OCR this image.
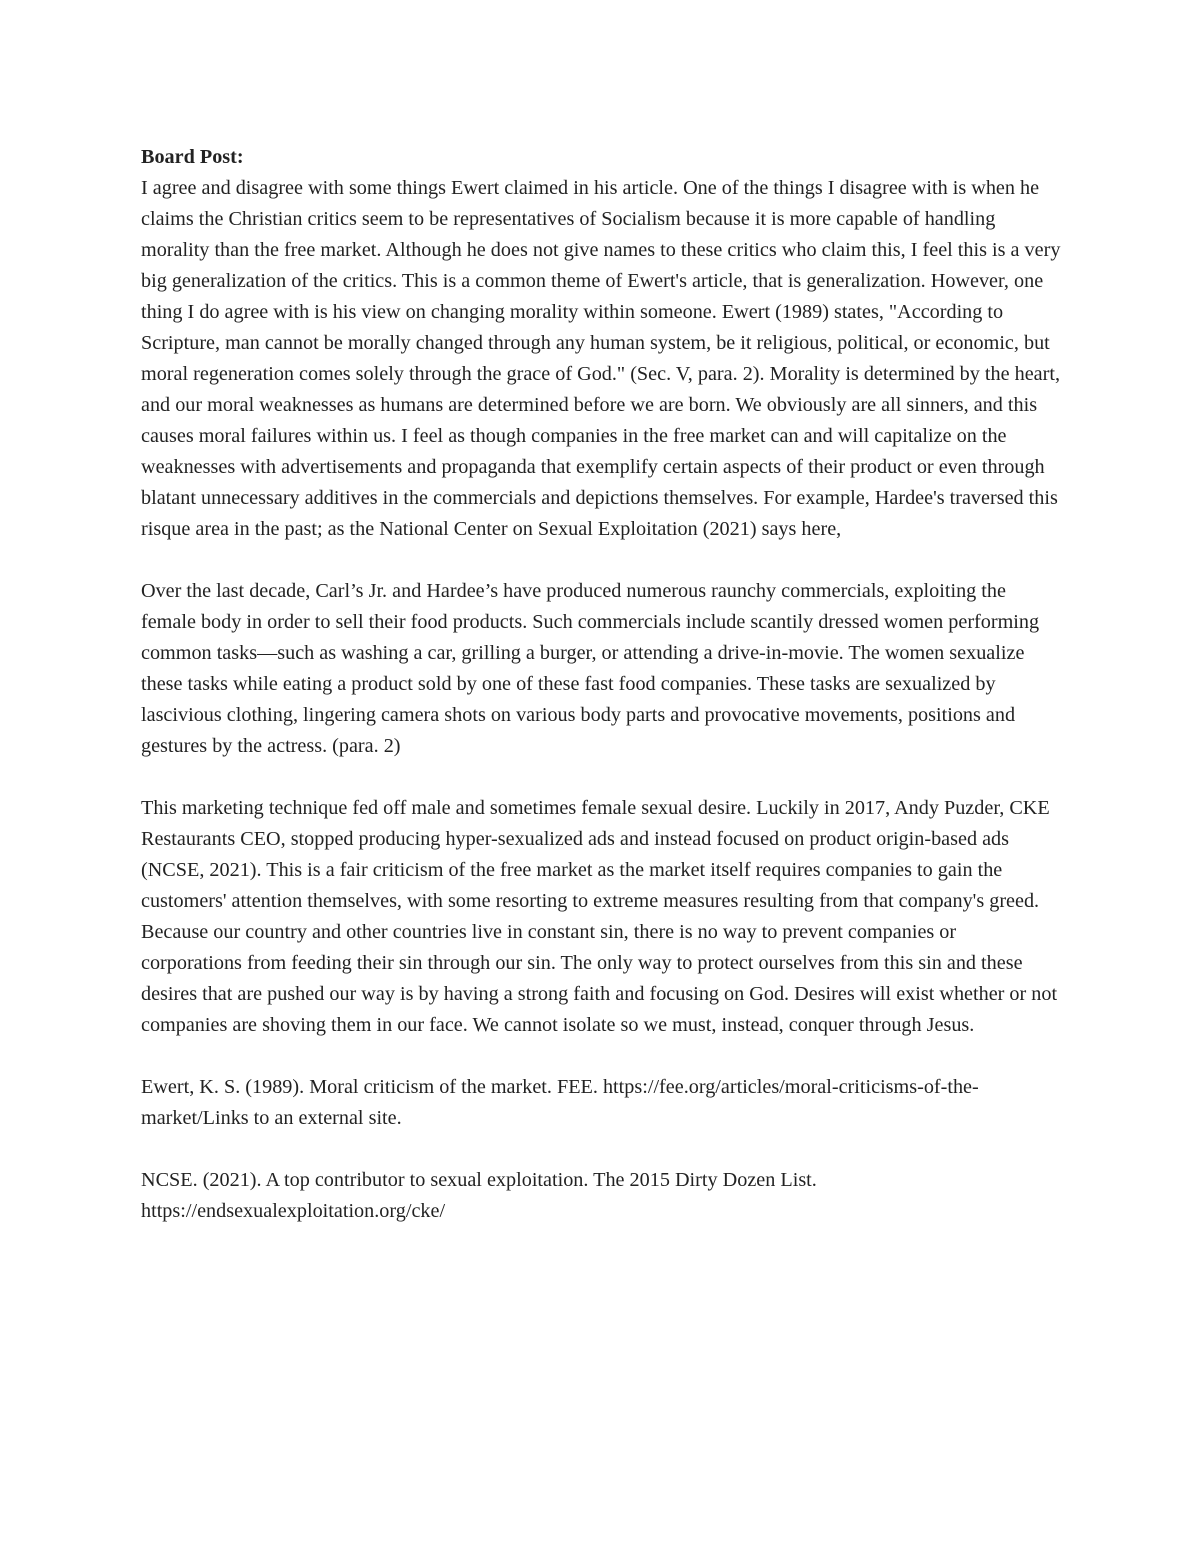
Board Post:

I agree and disagree with some things Ewert claimed in his article. One of the things I disagree with is when he claims the Christian critics seem to be representatives of Socialism because it is more capable of handling morality than the free market. Although he does not give names to these critics who claim this, I feel this is a very big generalization of the critics. This is a common theme of Ewert's article, that is generalization. However, one thing I do agree with is his view on changing morality within someone. Ewert (1989) states, "According to Scripture, man cannot be morally changed through any human system, be it religious, political, or economic, but moral regeneration comes solely through the grace of God." (Sec. V, para. 2). Morality is determined by the heart, and our moral weaknesses as humans are determined before we are born. We obviously are all sinners, and this causes moral failures within us. I feel as though companies in the free market can and will capitalize on the weaknesses with advertisements and propaganda that exemplify certain aspects of their product or even through blatant unnecessary additives in the commercials and depictions themselves. For example, Hardee's traversed this risque area in the past; as the National Center on Sexual Exploitation (2021) says here,

Over the last decade, Carl’s Jr. and Hardee’s have produced numerous raunchy commercials, exploiting the female body in order to sell their food products. Such commercials include scantily dressed women performing common tasks—such as washing a car, grilling a burger, or attending a drive-in-movie. The women sexualize these tasks while eating a product sold by one of these fast food companies. These tasks are sexualized by lascivious clothing, lingering camera shots on various body parts and provocative movements, positions and gestures by the actress. (para. 2)

This marketing technique fed off male and sometimes female sexual desire. Luckily in 2017, Andy Puzder, CKE Restaurants CEO, stopped producing hyper-sexualized ads and instead focused on product origin-based ads (NCSE, 2021). This is a fair criticism of the free market as the market itself requires companies to gain the customers' attention themselves, with some resorting to extreme measures resulting from that company's greed. Because our country and other countries live in constant sin, there is no way to prevent companies or corporations from feeding their sin through our sin. The only way to protect ourselves from this sin and these desires that are pushed our way is by having a strong faith and focusing on God. Desires will exist whether or not companies are shoving them in our face. We cannot isolate so we must, instead, conquer through Jesus.

Ewert, K. S. (1989). Moral criticism of the market. FEE. https://fee.org/articles/moral-criticisms-of-the-market/Links to an external site.

NCSE. (2021). A top contributor to sexual exploitation. The 2015 Dirty Dozen List. https://endsexualexploitation.org/cke/
